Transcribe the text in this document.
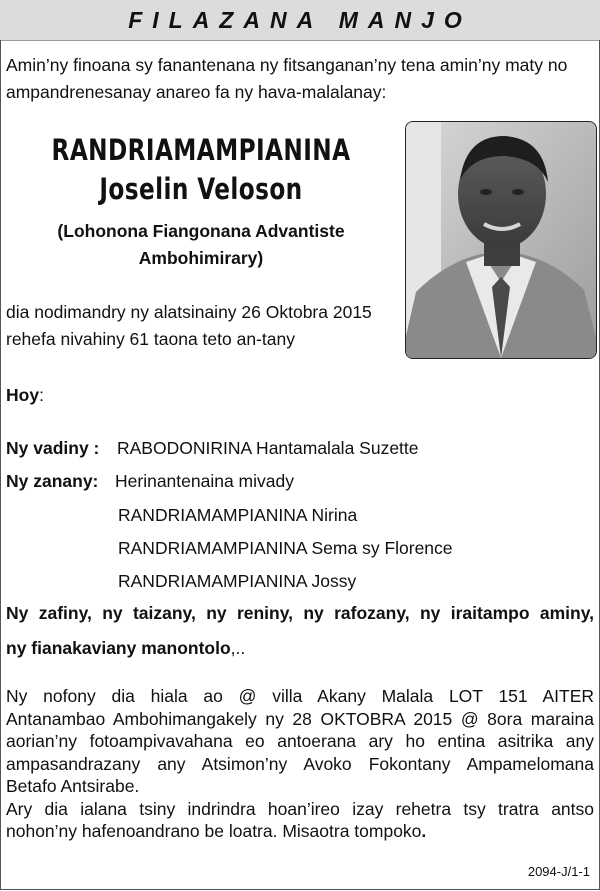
FILAZANA MANJO
Amin’ny finoana sy fanantenana ny fitsanganan’ny tena amin’ny maty no
ampandrenesanay anareo fa ny hava-malalanay:
RANDRIAMAMPIANINA
Joselin Veloson
(Lohonona Fiangonana Advantiste
Ambohimirary)
dia nodimandry ny alatsinainy 26 Oktobra 2015
rehefa nivahiny 61 taona teto an-tany
Hoy:
Ny vadiny : RABODONIRINA Hantamalala Suzette
Ny zanany: Herinantenaina mivady
RANDRIAMAMPIANINA Nirina
RANDRIAMAMPIANINA Sema sy Florence
RANDRIAMAMPIANINA Jossy
Ny zafiny, ny taizany, ny reniny, ny rafozany, ny iraitampo aminy,
ny fianakaviany manontolo,..
Ny nofony dia hiala ao @ villa Akany Malala LOT 151 AITER
Antanambao Ambohimangakely ny 28 OKTOBRA 2015 @ 8ora maraina
aorian’ny fotoampivavahana eo antoerana ary ho entina asitrika any
ampasandrazany any Atsimon’ny Avoko Fokontany Ampamelomana
Betafo Antsirabe.
Ary dia ialana tsiny indrindra hoan’ireo izay rehetra tsy tratra antso
nohon’ny hafenoandrano be loatra. Misaotra tompoko.
2094-J/1-1
